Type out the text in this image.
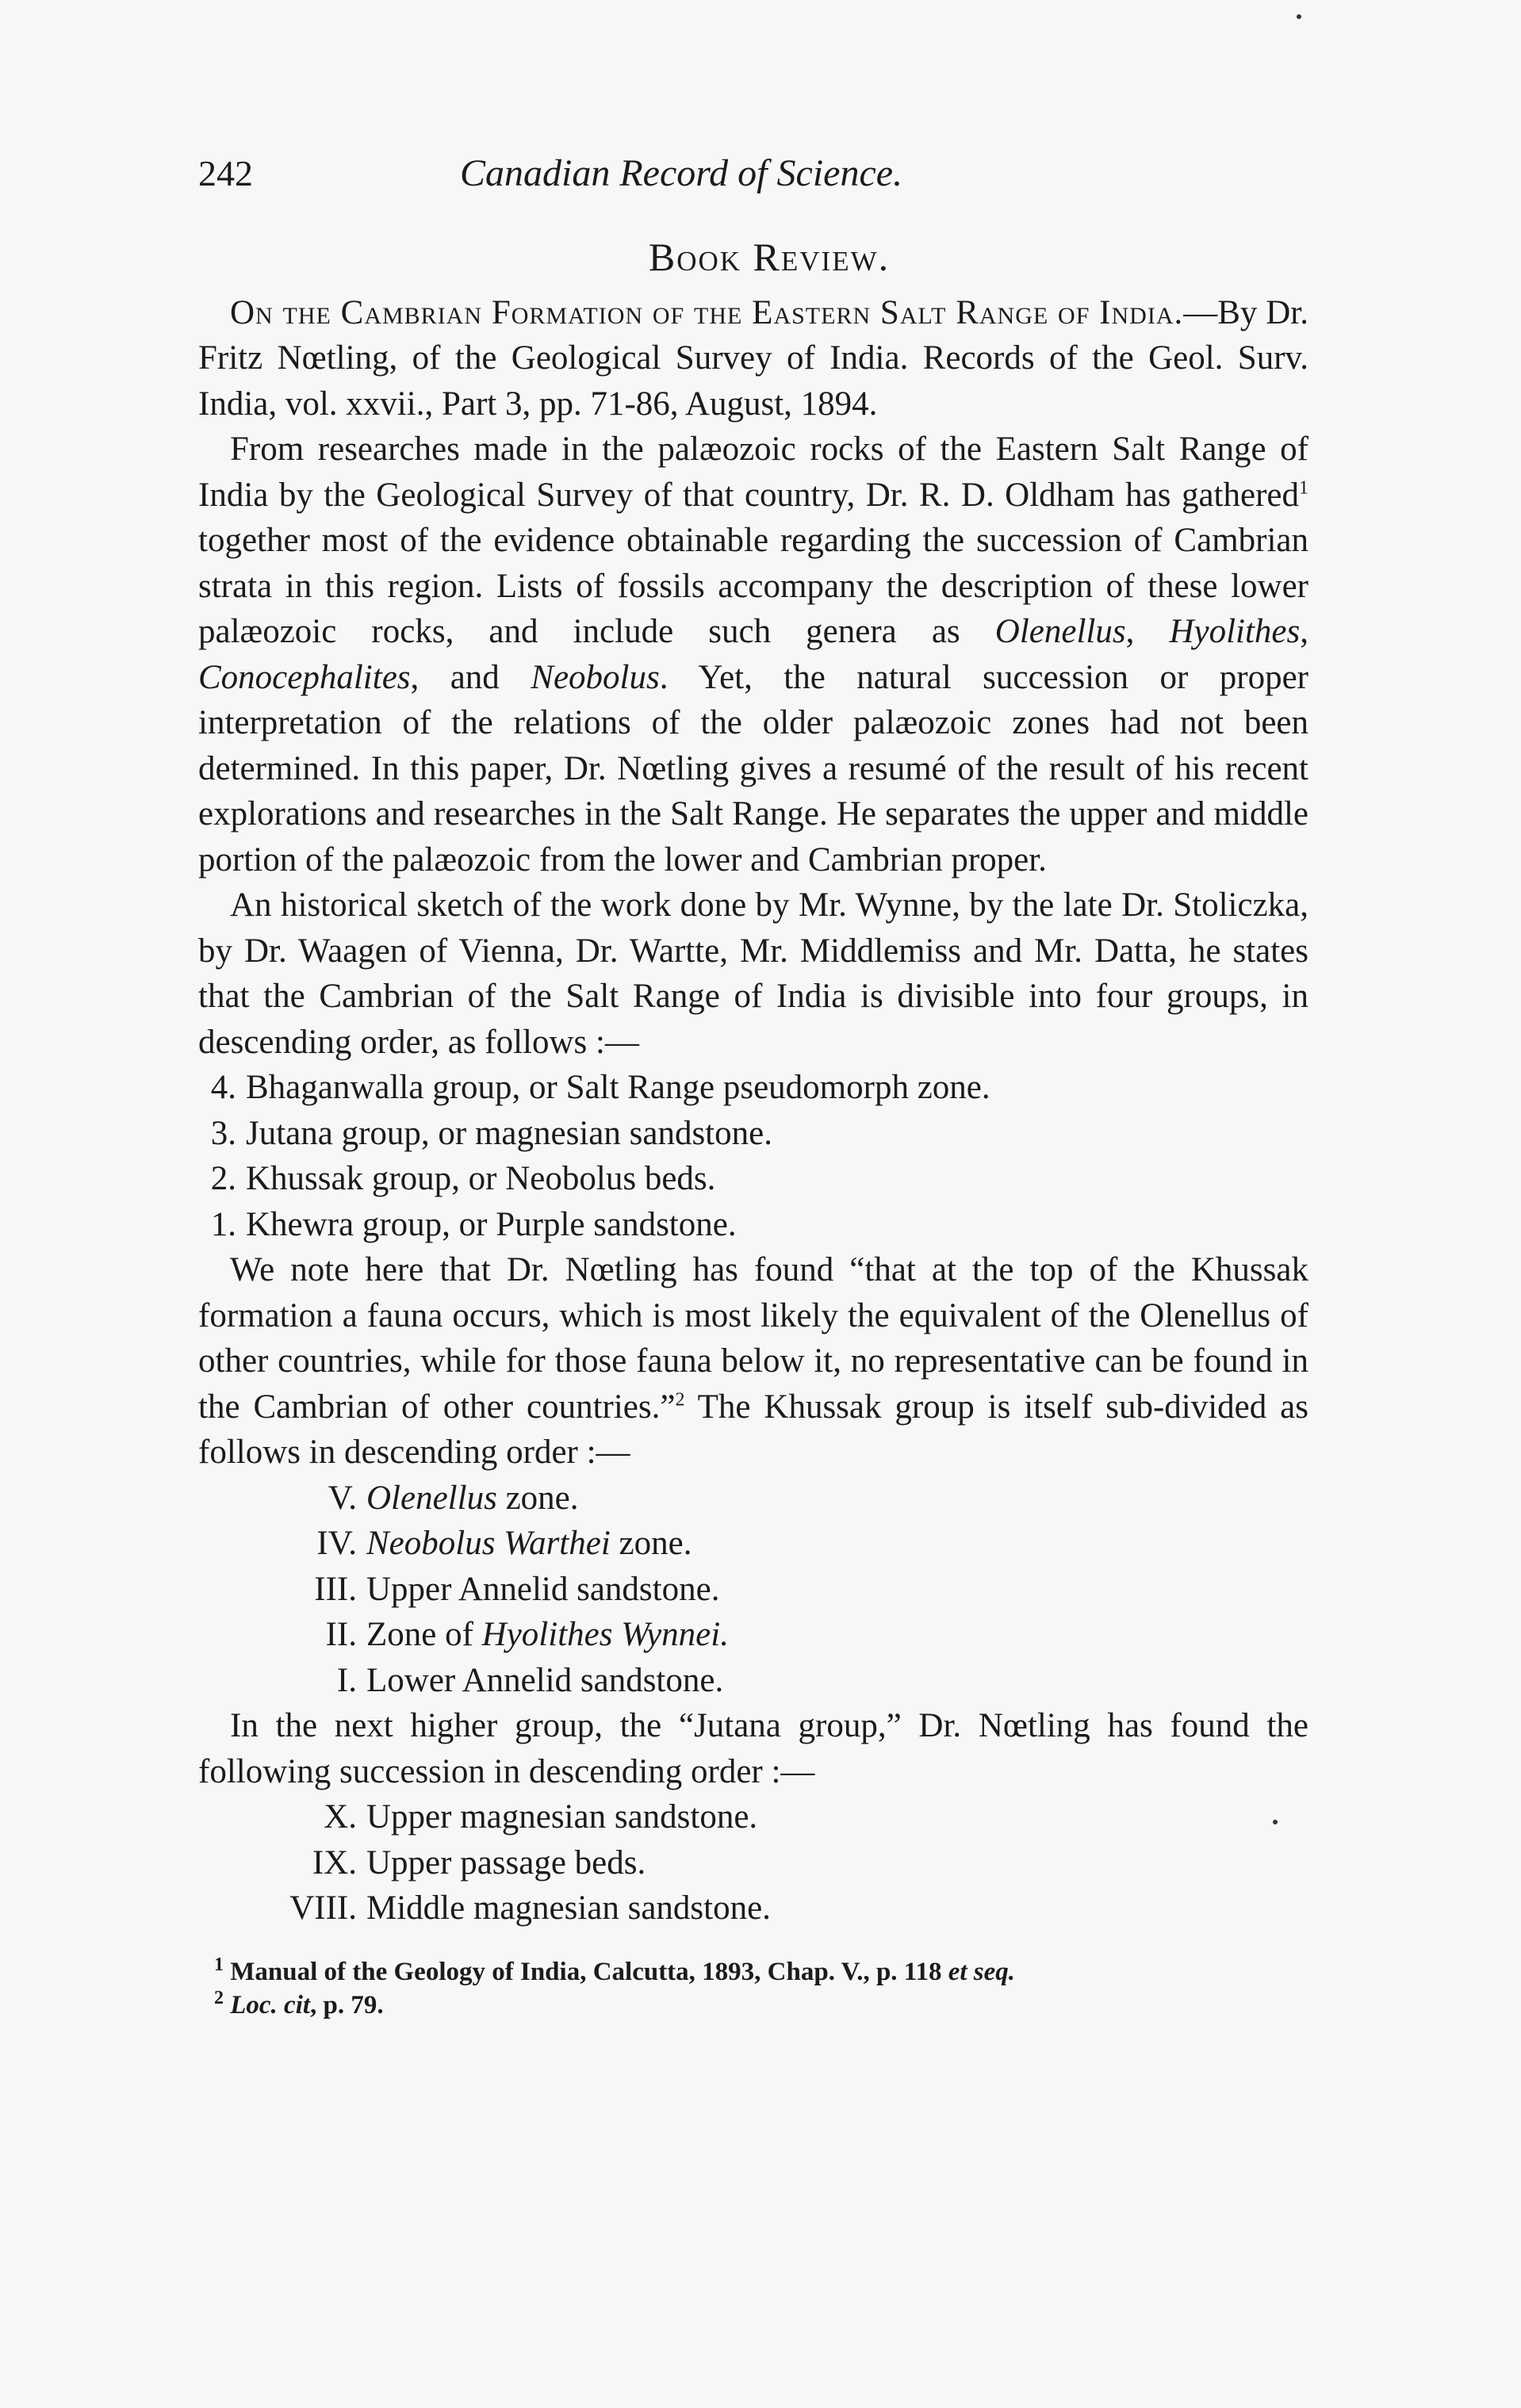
242	Canadian Record of Science.
Book Review.

On the Cambrian Formation of the Eastern Salt Range of India.—By Dr. Fritz Nœtling, of the Geological Survey of India. Records of the Geol. Surv. India, vol. xxvii., Part 3, pp. 71-86, August, 1894.

From researches made in the palæozoic rocks of the Eastern Salt Range of India by the Geological Survey of that country, Dr. R. D. Oldham has gathered$^1$ together most of the evidence obtainable regarding the succession of Cambrian strata in this region. Lists of fossils accompany the description of these lower palæozoic rocks, and include such genera as Olenellus, Hyolithes, Conocephalites, and Neobolus. Yet, the natural succession or proper interpretation of the relations of the older palæozoic zones had not been determined. In this paper, Dr. Nœtling gives a resumé of the result of his recent explorations and researches in the Salt Range. He separates the upper and middle portion of the palæozoic from the lower and Cambrian proper.

An historical sketch of the work done by Mr. Wynne, by the late Dr. Stoliczka, by Dr. Waagen of Vienna, Dr. Wartte, Mr. Middlemiss and Mr. Datta, he states that the Cambrian of the Salt Range of India is divisible into four groups, in descending order, as follows :—

4. Bhaganwalla group, or Salt Range pseudomorph zone.
3. Jutana group, or magnesian sandstone.
2. Khussak group, or Neobolus beds.
1. Khewra group, or Purple sandstone.

We note here that Dr. Nœtling has found “that at the top of the Khussak formation a fauna occurs, which is most likely the equivalent of the Olenellus of other countries, while for those fauna below it, no representative can be found in the Cambrian of other countries.”$^2$ The Khussak group is itself sub-divided as follows in descending order :—

V. Olenellus zone.
IV. Neobolus Warthei zone.
III. Upper Annelid sandstone.
II. Zone of Hyolithes Wynnei.
I. Lower Annelid sandstone.

In the next higher group, the “Jutana group,” Dr. Nœtling has found the following succession in descending order :—

X. Upper magnesian sandstone.
IX. Upper passage beds.
VIII. Middle magnesian sandstone.
$^1$ Manual of the Geology of India, Calcutta, 1893, Chap. V., p. 118 et seq.
$^2$ Loc. cit, p. 79.
